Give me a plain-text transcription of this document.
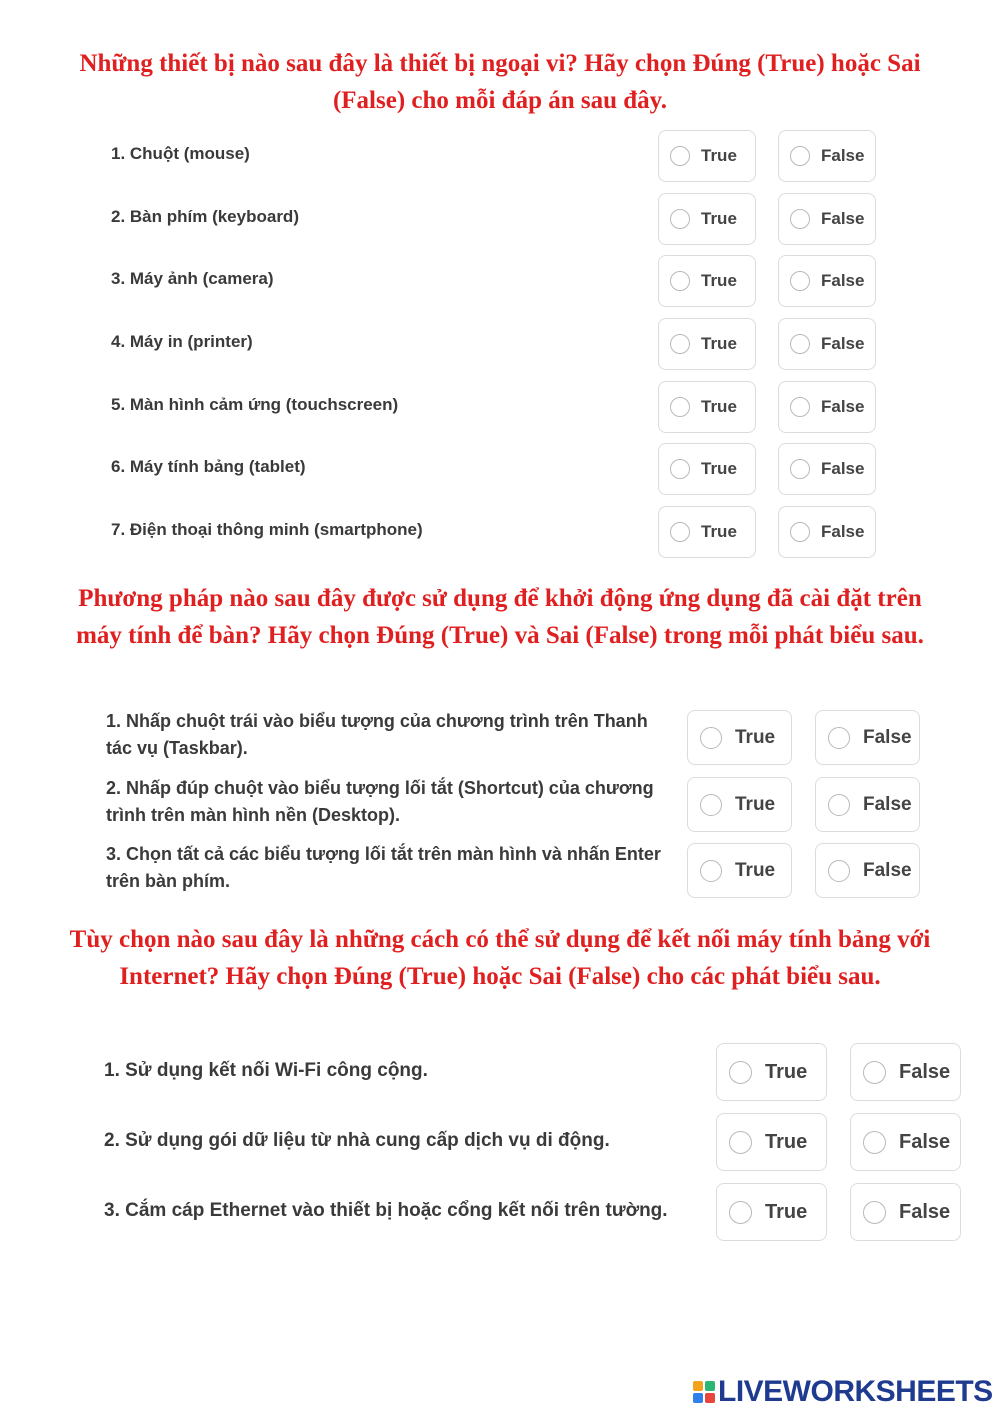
Những thiết bị nào sau đây là thiết bị ngoại vi? Hãy chọn Đúng (True) hoặc Sai (False) cho mỗi đáp án sau đây.
1. Chuột (mouse)	True	False
2. Bàn phím (keyboard)	True	False
3. Máy ảnh (camera)	True	False
4. Máy in (printer)	True	False
5. Màn hình cảm ứng (touchscreen)	True	False
6. Máy tính bảng (tablet)	True	False
7. Điện thoại thông minh (smartphone)	True	False
Phương pháp nào sau đây được sử dụng để khởi động ứng dụng đã cài đặt trên máy tính để bàn? Hãy chọn Đúng (True) và Sai (False) trong mỗi phát biểu sau.
1. Nhấp chuột trái vào biểu tượng của chương trình trên Thanh tác vụ (Taskbar).
True	False
2. Nhấp đúp chuột vào biểu tượng lối tắt (Shortcut) của chương trình trên màn hình nền (Desktop).
True	False
3. Chọn tất cả các biểu tượng lối tắt trên màn hình và nhấn Enter trên bàn phím.
True	False
Tùy chọn nào sau đây là những cách có thể sử dụng để kết nối máy tính bảng với Internet? Hãy chọn Đúng (True) hoặc Sai (False) cho các phát biểu sau.
1. Sử dụng kết nối Wi-Fi công cộng.	True	False
2. Sử dụng gói dữ liệu từ nhà cung cấp dịch vụ di động.	True	False
3. Cắm cáp Ethernet vào thiết bị hoặc cổng kết nối trên tường.	True	False
LIVEWORKSHEETS
